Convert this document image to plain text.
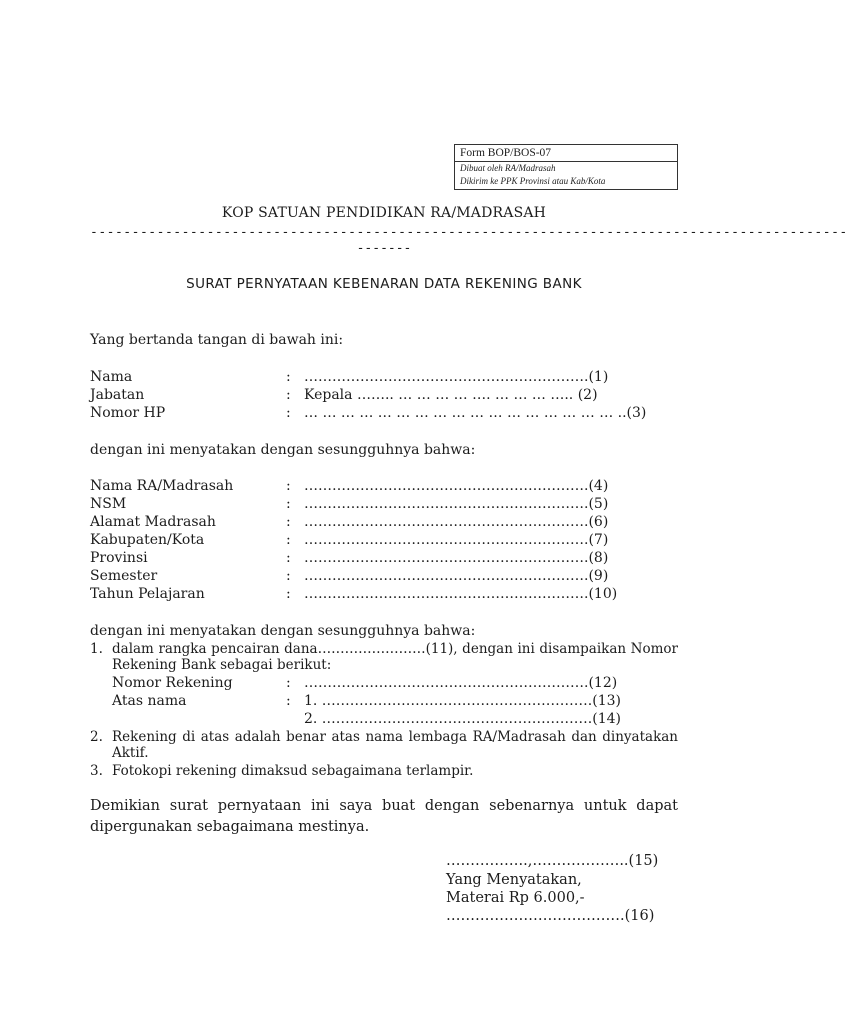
Form BOP/BOS-07
Dibuat oleh RA/Madrasah
Dikirim ke PPK Provinsi atau Kab/Kota
KOP SATUAN PENDIDIKAN RA/MADRASAH
-------------------------------------------------------------------------------------------
-------
SURAT PERNYATAAN KEBENARAN DATA REKENING BANK
Yang bertanda tangan di bawah ini:
Nama	: …………………………………………………….(1)
Jabatan	: Kepala …….. … … … … …. … … … ….. (2)
Nomor HP	: … … … … … … … … … … … … … … … … … ..(3)
dengan ini menyatakan dengan sesungguhnya bahwa:
Nama RA/Madrasah	: …………………………………………………….(4)
NSM	: …………………………………………………….(5)
Alamat Madrasah	: …………………………………………………….(6)
Kabupaten/Kota	: …………………………………………………….(7)
Provinsi	: …………………………………………………….(8)
Semester	: …………………………………………………….(9)
Tahun Pelajaran	: …………………………………………………….(10)
dengan ini menyatakan dengan sesungguhnya bahwa:
1. dalam rangka pencairan dana……………………(11), dengan ini disampaikan Nomor Rekening Bank sebagai berikut:
Nomor Rekening	: …………………………………………………….(12)
Atas nama	: 1. ………………………………………………….(13)
2. ………………………………………………….(14)
2. Rekening di atas adalah benar atas nama lembaga RA/Madrasah dan dinyatakan Aktif.
3. Fotokopi rekening dimaksud sebagaimana terlampir.
Demikian surat pernyataan ini saya buat dengan sebenarnya untuk dapat dipergunakan sebagaimana mestinya.
……………..,………………..(15)
Yang Menyatakan,
Materai Rp 6.000,-
……………………………….(16)
